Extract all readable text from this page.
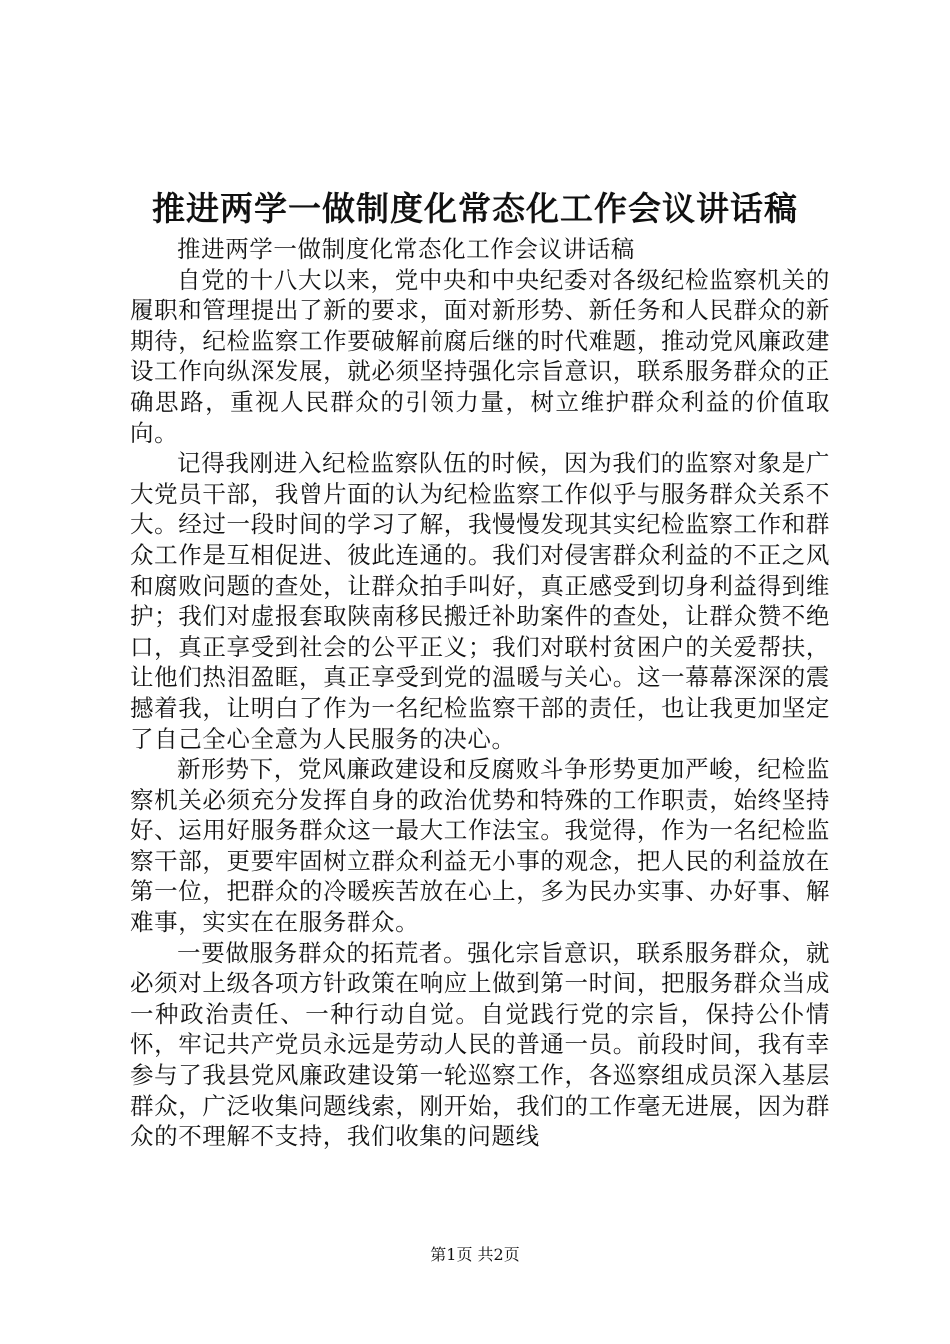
推进两学一做制度化常态化工作会议讲话稿
推进两学一做制度化常态化工作会议讲话稿

自党的十八大以来，党中央和中央纪委对各级纪检监察机关的履职和管理提出了新的要求，面对新形势、新任务和人民群众的新期待，纪检监察工作要破解前腐后继的时代难题，推动党风廉政建设工作向纵深发展，就必须坚持强化宗旨意识，联系服务群众的正确思路，重视人民群众的引领力量，树立维护群众利益的价值取向。

记得我刚进入纪检监察队伍的时候，因为我们的监察对象是广大党员干部，我曾片面的认为纪检监察工作似乎与服务群众关系不大。经过一段时间的学习了解，我慢慢发现其实纪检监察工作和群众工作是互相促进、彼此连通的。我们对侵害群众利益的不正之风和腐败问题的查处，让群众拍手叫好，真正感受到切身利益得到维护；我们对虚报套取陕南移民搬迁补助案件的查处，让群众赞不绝口，真正享受到社会的公平正义；我们对联村贫困户的关爱帮扶，让他们热泪盈眶，真正享受到党的温暖与关心。这一幕幕深深的震撼着我，让明白了作为一名纪检监察干部的责任，也让我更加坚定了自己全心全意为人民服务的决心。

新形势下，党风廉政建设和反腐败斗争形势更加严峻，纪检监察机关必须充分发挥自身的政治优势和特殊的工作职责，始终坚持好、运用好服务群众这一最大工作法宝。我觉得，作为一名纪检监察干部，更要牢固树立群众利益无小事的观念，把人民的利益放在第一位，把群众的冷暖疾苦放在心上，多为民办实事、办好事、解难事，实实在在服务群众。

一要做服务群众的拓荒者。强化宗旨意识，联系服务群众，就必须对上级各项方针政策在响应上做到第一时间，把服务群众当成一种政治责任、一种行动自觉。自觉践行党的宗旨，保持公仆情怀，牢记共产党员永远是劳动人民的普通一员。前段时间，我有幸参与了我县党风廉政建设第一轮巡察工作，各巡察组成员深入基层群众，广泛收集问题线索，刚开始，我们的工作毫无进展，因为群众的不理解不支持，我们收集的问题线

第1页 共2页
